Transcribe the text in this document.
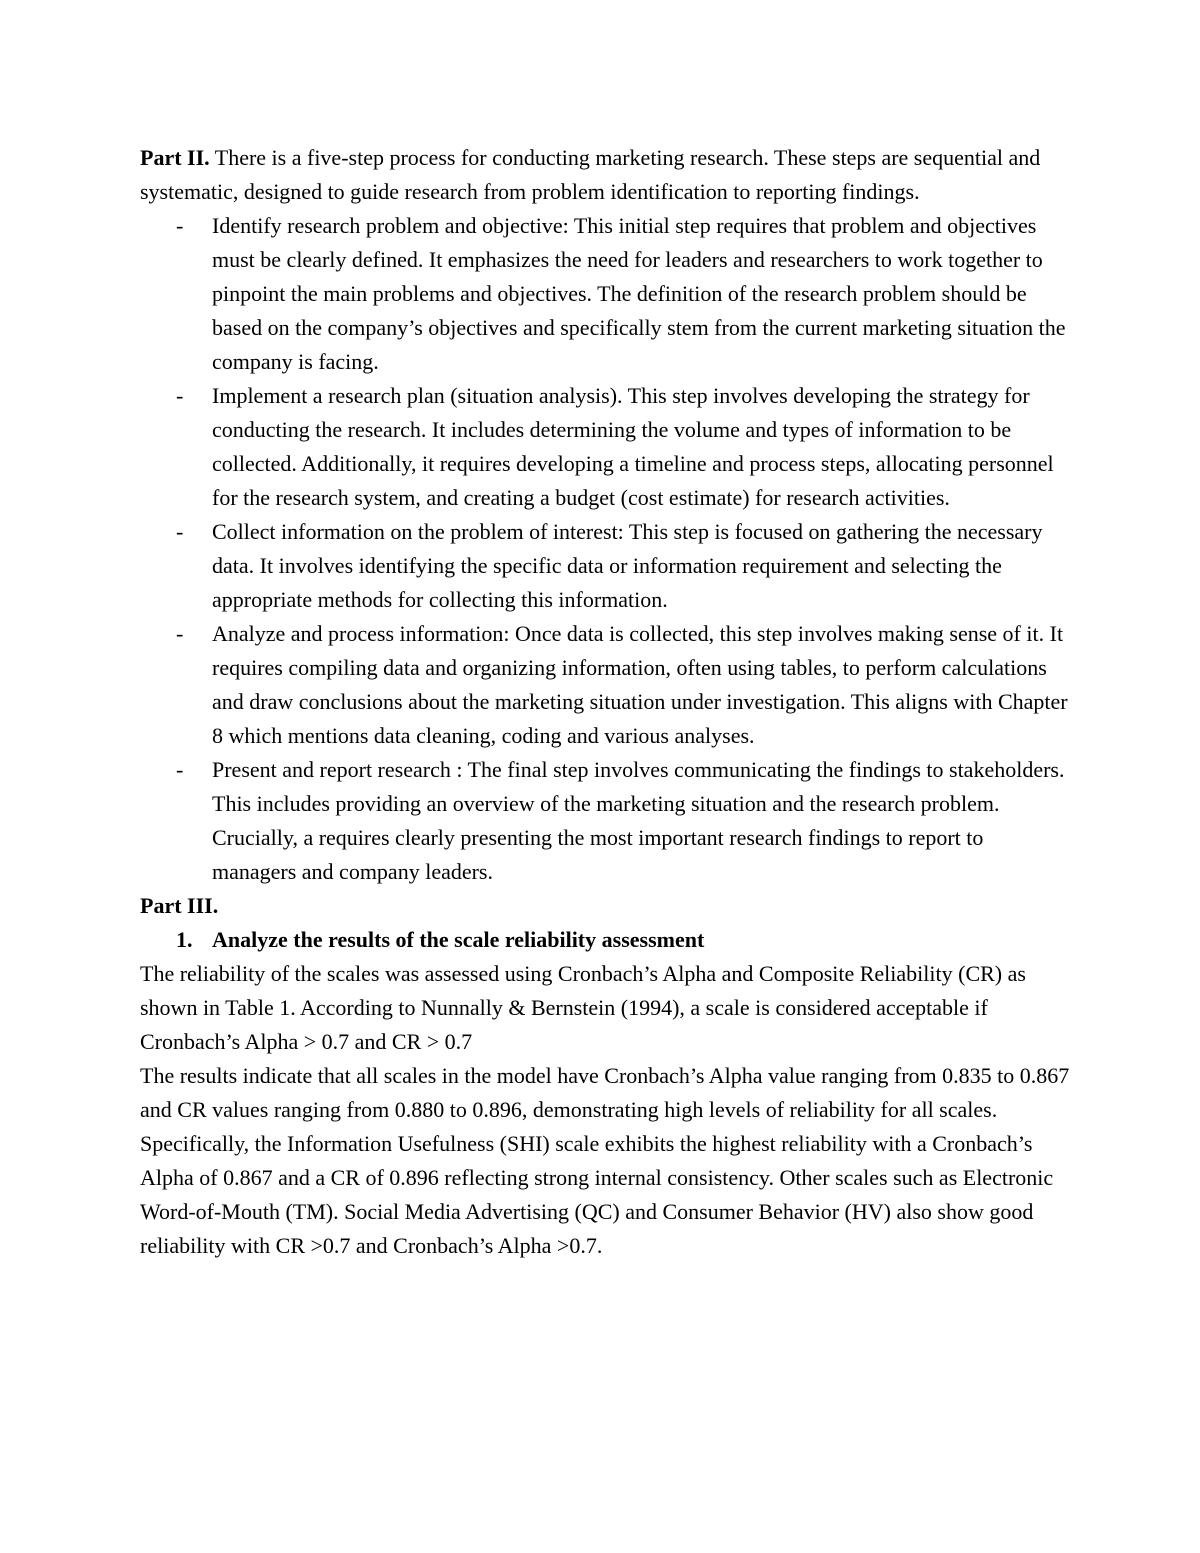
Part II. There is a five-step process for conducting marketing research. These steps are sequential and systematic, designed to guide research from problem identification to reporting findings.

- Identify research problem and objective: This initial step requires that problem and objectives must be clearly defined. It emphasizes the need for leaders and researchers to work together to pinpoint the main problems and objectives. The definition of the research problem should be based on the company’s objectives and specifically stem from the current marketing situation the company is facing.
- Implement a research plan (situation analysis). This step involves developing the strategy for conducting the research. It includes determining the volume and types of information to be collected. Additionally, it requires developing a timeline and process steps, allocating personnel for the research system, and creating a budget (cost estimate) for research activities.
- Collect information on the problem of interest: This step is focused on gathering the necessary data. It involves identifying the specific data or information requirement and selecting the appropriate methods for collecting this information.
- Analyze and process information: Once data is collected, this step involves making sense of it. It requires compiling data and organizing information, often using tables, to perform calculations and draw conclusions about the marketing situation under investigation. This aligns with Chapter 8 which mentions data cleaning, coding and various analyses.
- Present and report research : The final step involves communicating the findings to stakeholders. This includes providing an overview of the marketing situation and the research problem. Crucially, a requires clearly presenting the most important research findings to report to managers and company leaders.

Part III.

1. Analyze the results of the scale reliability assessment

The reliability of the scales was assessed using Cronbach’s Alpha and Composite Reliability (CR) as shown in Table 1. According to Nunnally & Bernstein (1994), a scale is considered acceptable if Cronbach’s Alpha > 0.7 and CR > 0.7

The results indicate that all scales in the model have Cronbach’s Alpha value ranging from 0.835 to 0.867 and CR values ranging from 0.880 to 0.896, demonstrating high levels of reliability for all scales. Specifically, the Information Usefulness (SHI) scale exhibits the highest reliability with a Cronbach’s Alpha of 0.867 and a CR of 0.896 reflecting strong internal consistency. Other scales such as Electronic Word-of-Mouth (TM). Social Media Advertising (QC) and Consumer Behavior (HV) also show good reliability with CR >0.7 and Cronbach’s Alpha >0.7.
